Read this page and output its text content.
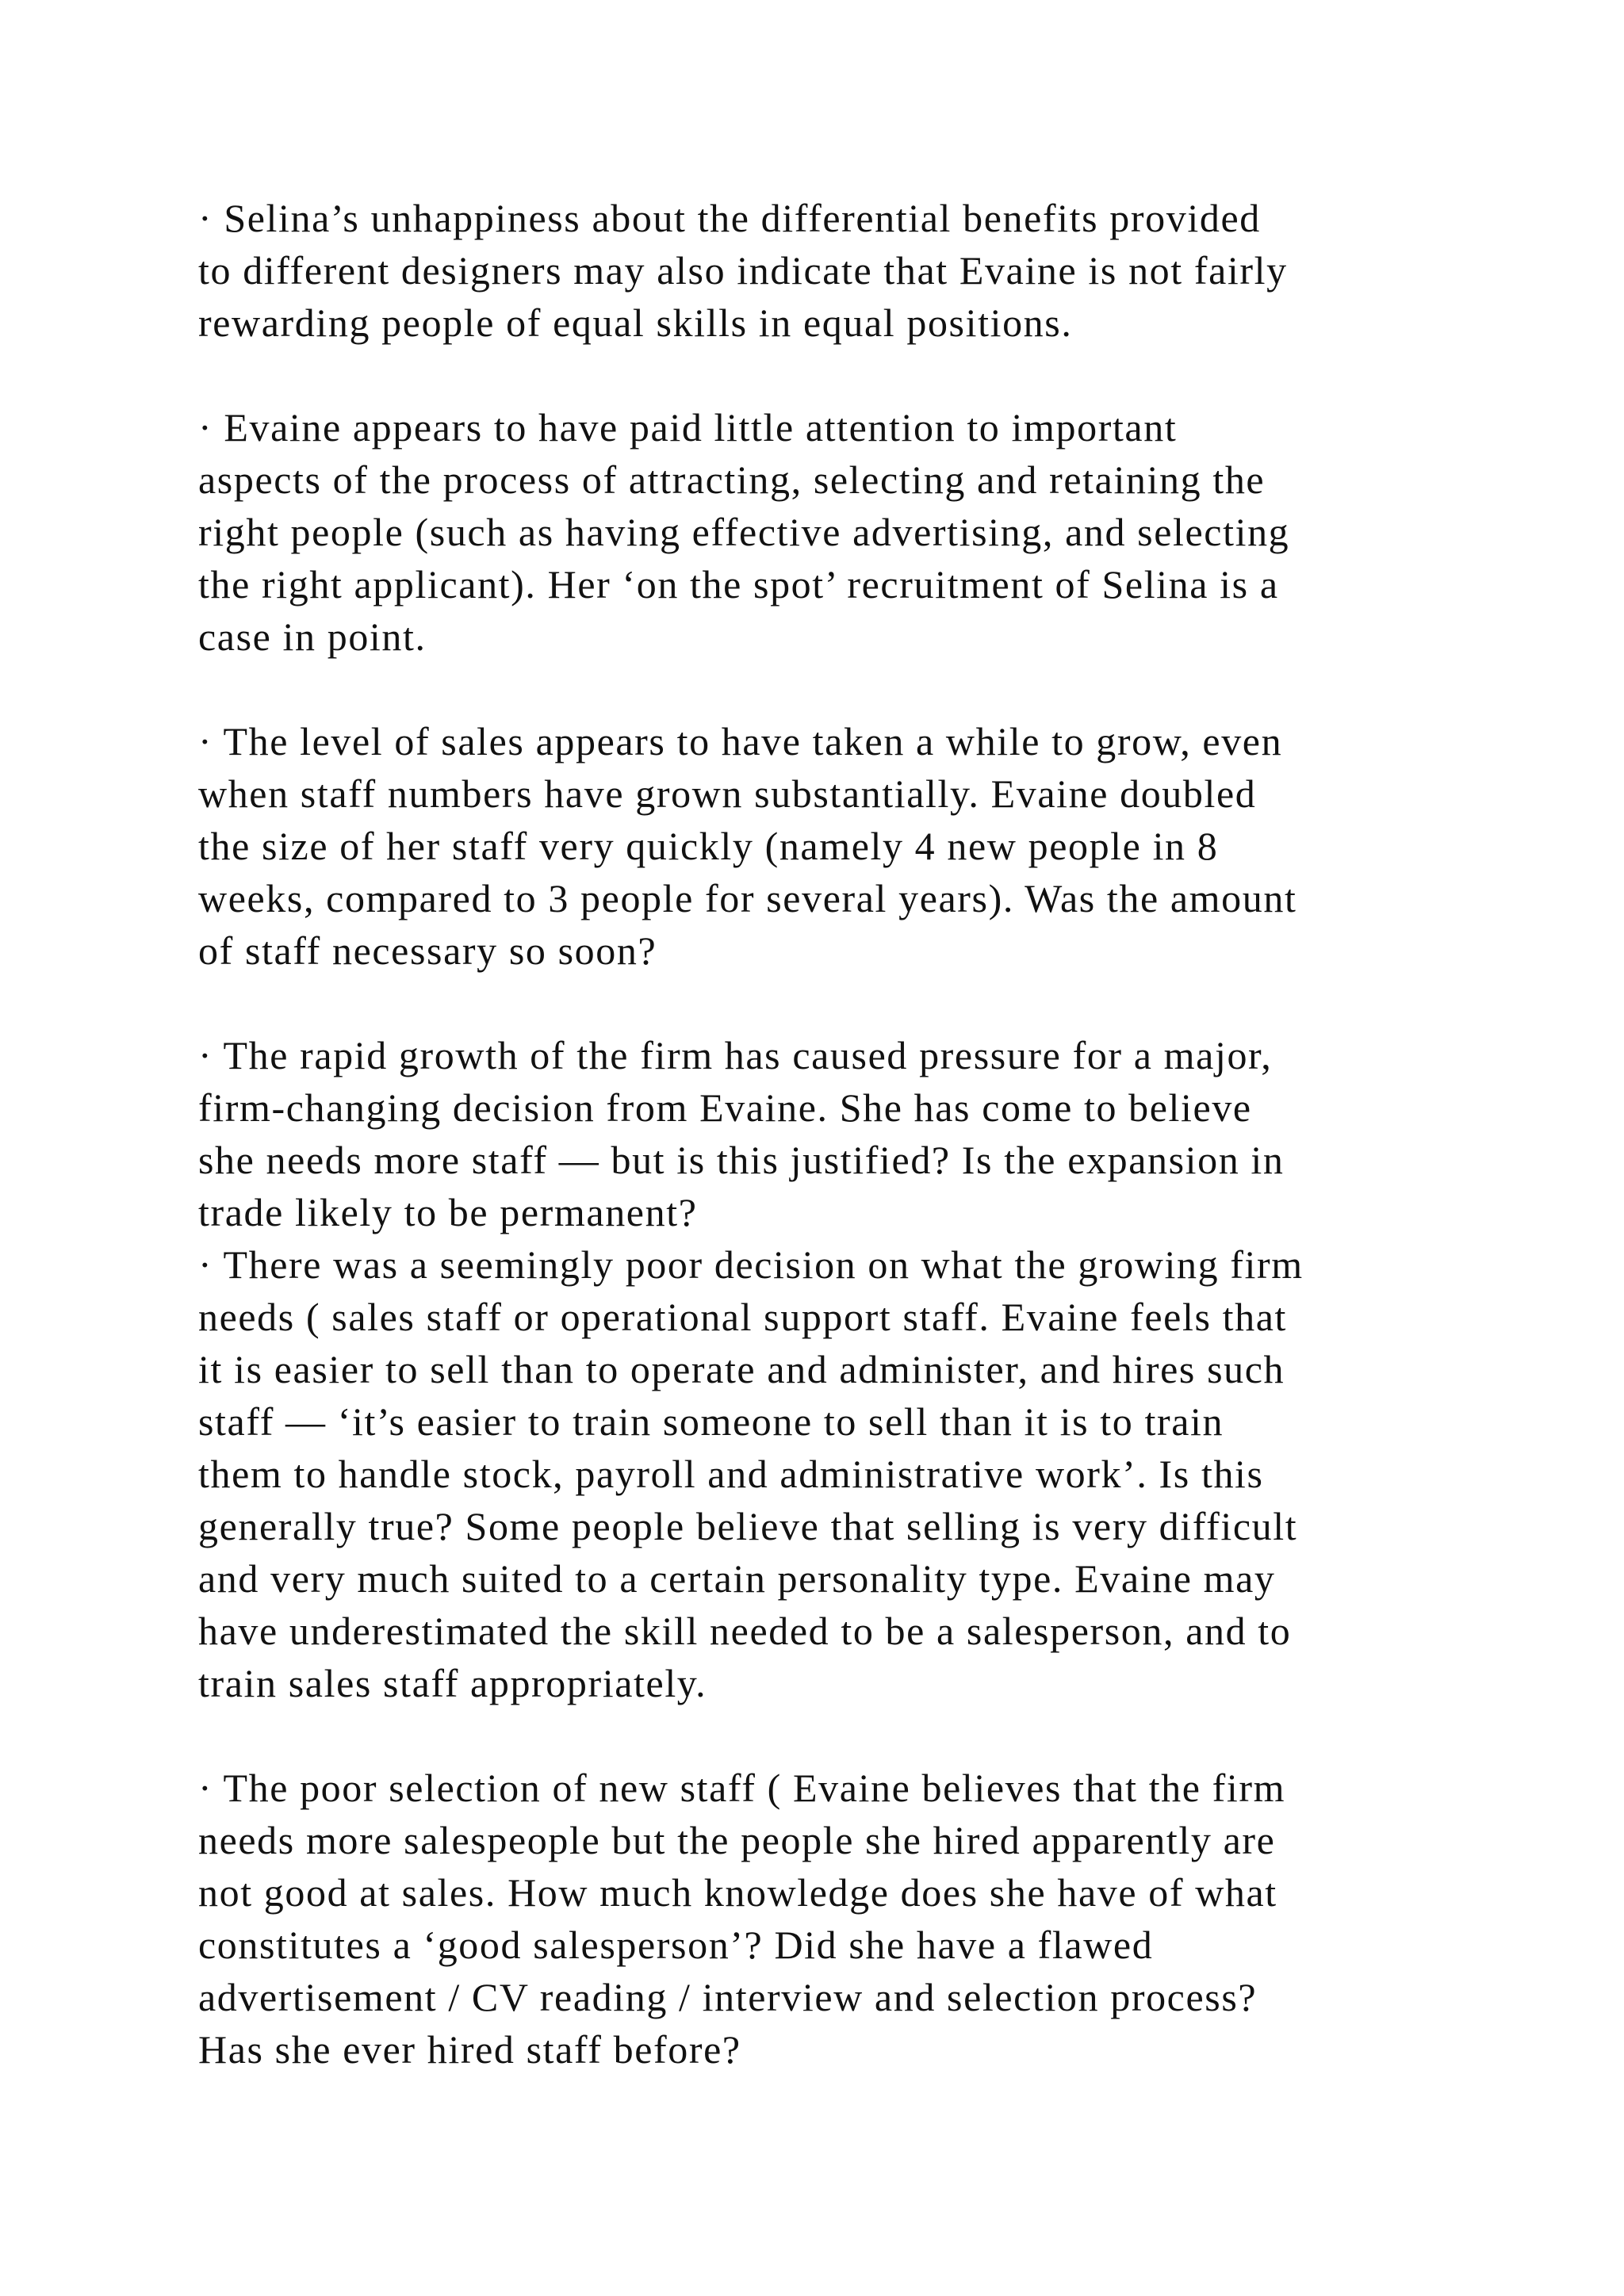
· Selina’s unhappiness about the differential benefits provided
to different designers may also indicate that Evaine is not fairly
rewarding people of equal skills in equal positions.

· Evaine appears to have paid little attention to important
aspects of the process of attracting, selecting and retaining the
right people (such as having effective advertising, and selecting
the right applicant). Her ‘on the spot’ recruitment of Selina is a
case in point.

· The level of sales appears to have taken a while to grow, even
when staff numbers have grown substantially. Evaine doubled
the size of her staff very quickly (namely 4 new people in 8
weeks, compared to 3 people for several years). Was the amount
of staff necessary so soon?

· The rapid growth of the firm has caused pressure for a major,
firm-changing decision from Evaine. She has come to believe
she needs more staff — but is this justified? Is the expansion in
trade likely to be permanent?

· There was a seemingly poor decision on what the growing firm
needs ( sales staff or operational support staff. Evaine feels that
it is easier to sell than to operate and administer, and hires such
staff — ‘it’s easier to train someone to sell than it is to train
them to handle stock, payroll and administrative work’. Is this
generally true? Some people believe that selling is very difficult
and very much suited to a certain personality type. Evaine may
have underestimated the skill needed to be a salesperson, and to
train sales staff appropriately.

· The poor selection of new staff ( Evaine believes that the firm
needs more salespeople but the people she hired apparently are
not good at sales. How much knowledge does she have of what
constitutes a ‘good salesperson’? Did she have a flawed
advertisement / CV reading / interview and selection process?
Has she ever hired staff before?
